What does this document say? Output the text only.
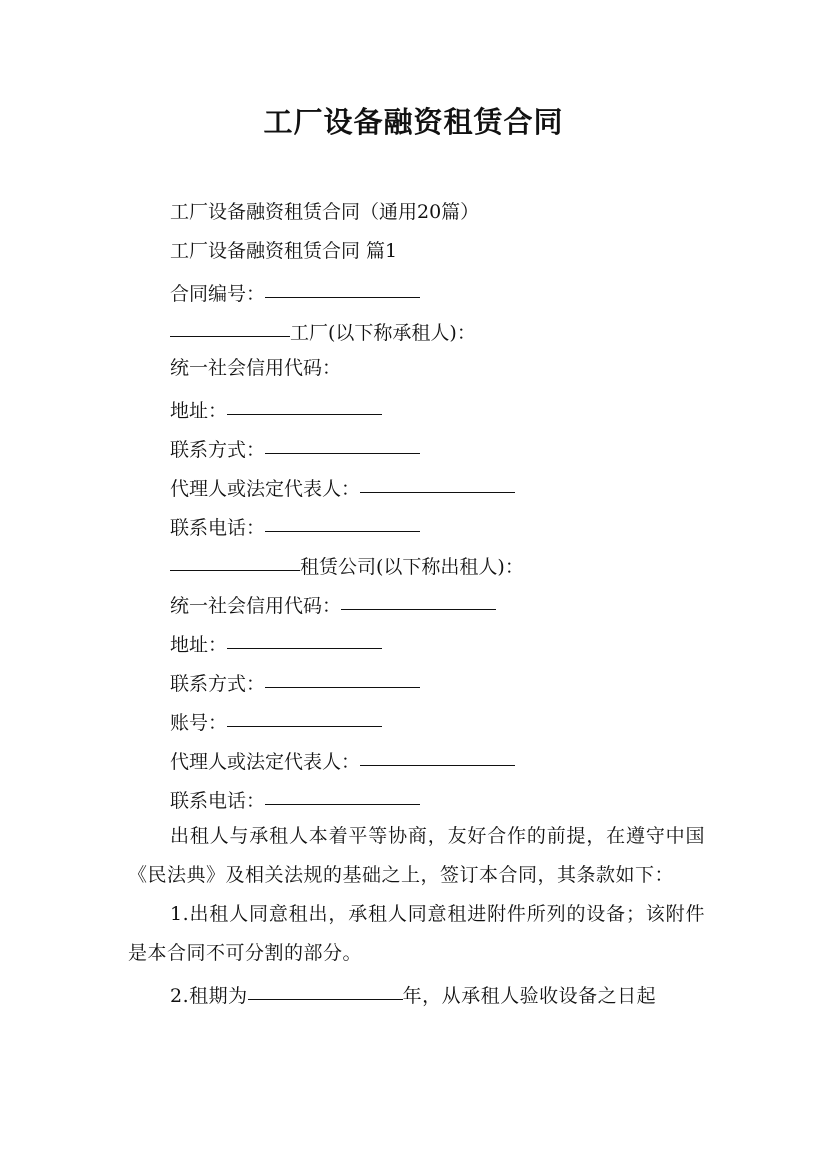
工厂设备融资租赁合同
工厂设备融资租赁合同（通用20篇）
工厂设备融资租赁合同 篇1
合同编号：
工厂(以下称承租人)：
统一社会信用代码：
地址：
联系方式：
代理人或法定代表人：
联系电话：
租赁公司(以下称出租人)：
统一社会信用代码：
地址：
联系方式：
账号：
代理人或法定代表人：
联系电话：
出租人与承租人本着平等协商，友好合作的前提，在遵守中国《民法典》及相关法规的基础之上，签订本合同，其条款如下：
1.出租人同意租出，承租人同意租进附件所列的设备；该附件是本合同不可分割的部分。
2.租期为	年，从承租人验收设备之日起
